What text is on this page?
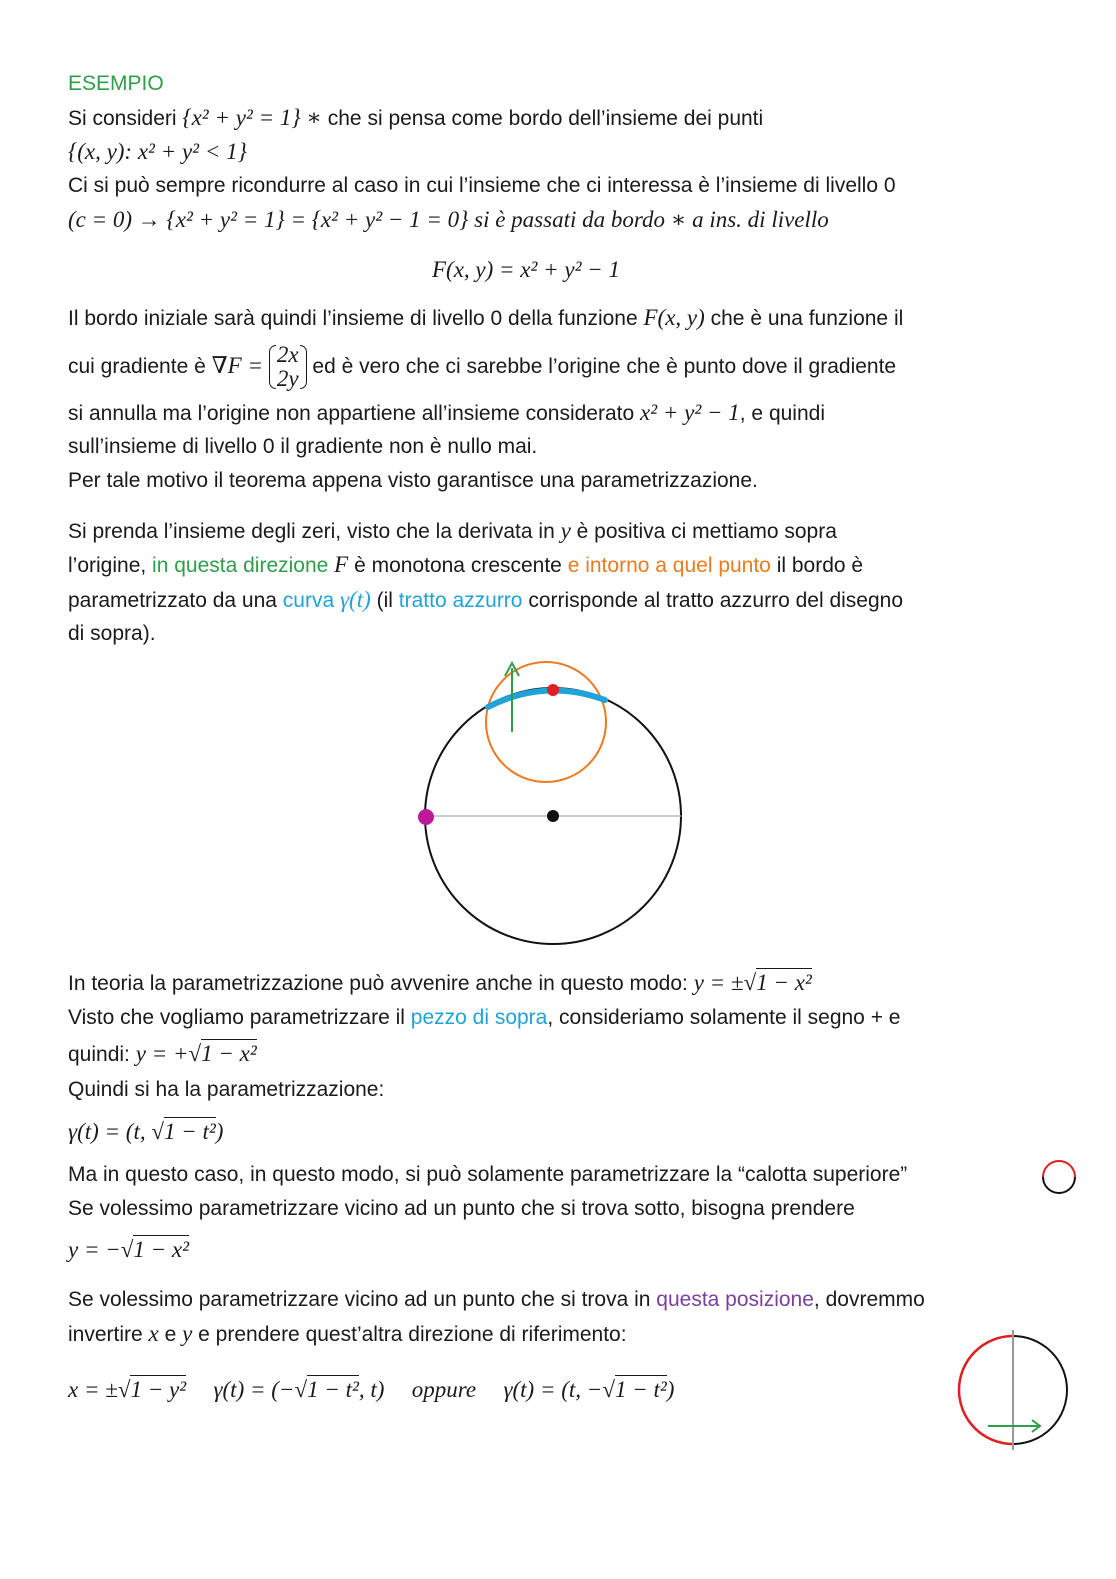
ESEMPIO
Si consideri {x² + y² = 1} ∗ che si pensa come bordo dell’insieme dei punti
{(x, y): x² + y² < 1}
Ci si può sempre ricondurre al caso in cui l’insieme che ci interessa è l’insieme di livello 0
(c = 0) → {x² + y² = 1} = {x² + y² − 1 = 0} si è passati da bordo ∗ a ins. di livello
F(x, y) = x² + y² − 1
Il bordo iniziale sarà quindi l’insieme di livello 0 della funzione F(x, y) che è una funzione il
cui gradiente è ∇F = 2x
2y ed è vero che ci sarebbe l’origine che è punto dove il gradiente
si annulla ma l’origine non appartiene all’insieme considerato x² + y² − 1, e quindi
sull’insieme di livello 0 il gradiente non è nullo mai.
Per tale motivo il teorema appena visto garantisce una parametrizzazione.
Si prenda l’insieme degli zeri, visto che la derivata in y è positiva ci mettiamo sopra
l’origine, in questa direzione F è monotona crescente e intorno a quel punto il bordo è
parametrizzato da una curva γ(t) (il tratto azzurro corrisponde al tratto azzurro del disegno
di sopra).
In teoria la parametrizzazione può avvenire anche in questo modo: y = ±√1 − x²
Visto che vogliamo parametrizzare il pezzo di sopra, consideriamo solamente il segno + e
quindi: y = +√1 − x²
Quindi si ha la parametrizzazione:
γ(t) = (t, √1 − t²)
Ma in questo caso, in questo modo, si può solamente parametrizzare la “calotta superiore”
Se volessimo parametrizzare vicino ad un punto che si trova sotto, bisogna prendere
y = −√1 − x²
Se volessimo parametrizzare vicino ad un punto che si trova in questa posizione, dovremmo
invertire x e y e prendere quest’altra direzione di riferimento:
x = ±√1 − y² γ(t) = (−√1 − t², t) oppure γ(t) = (t, −√1 − t²)
